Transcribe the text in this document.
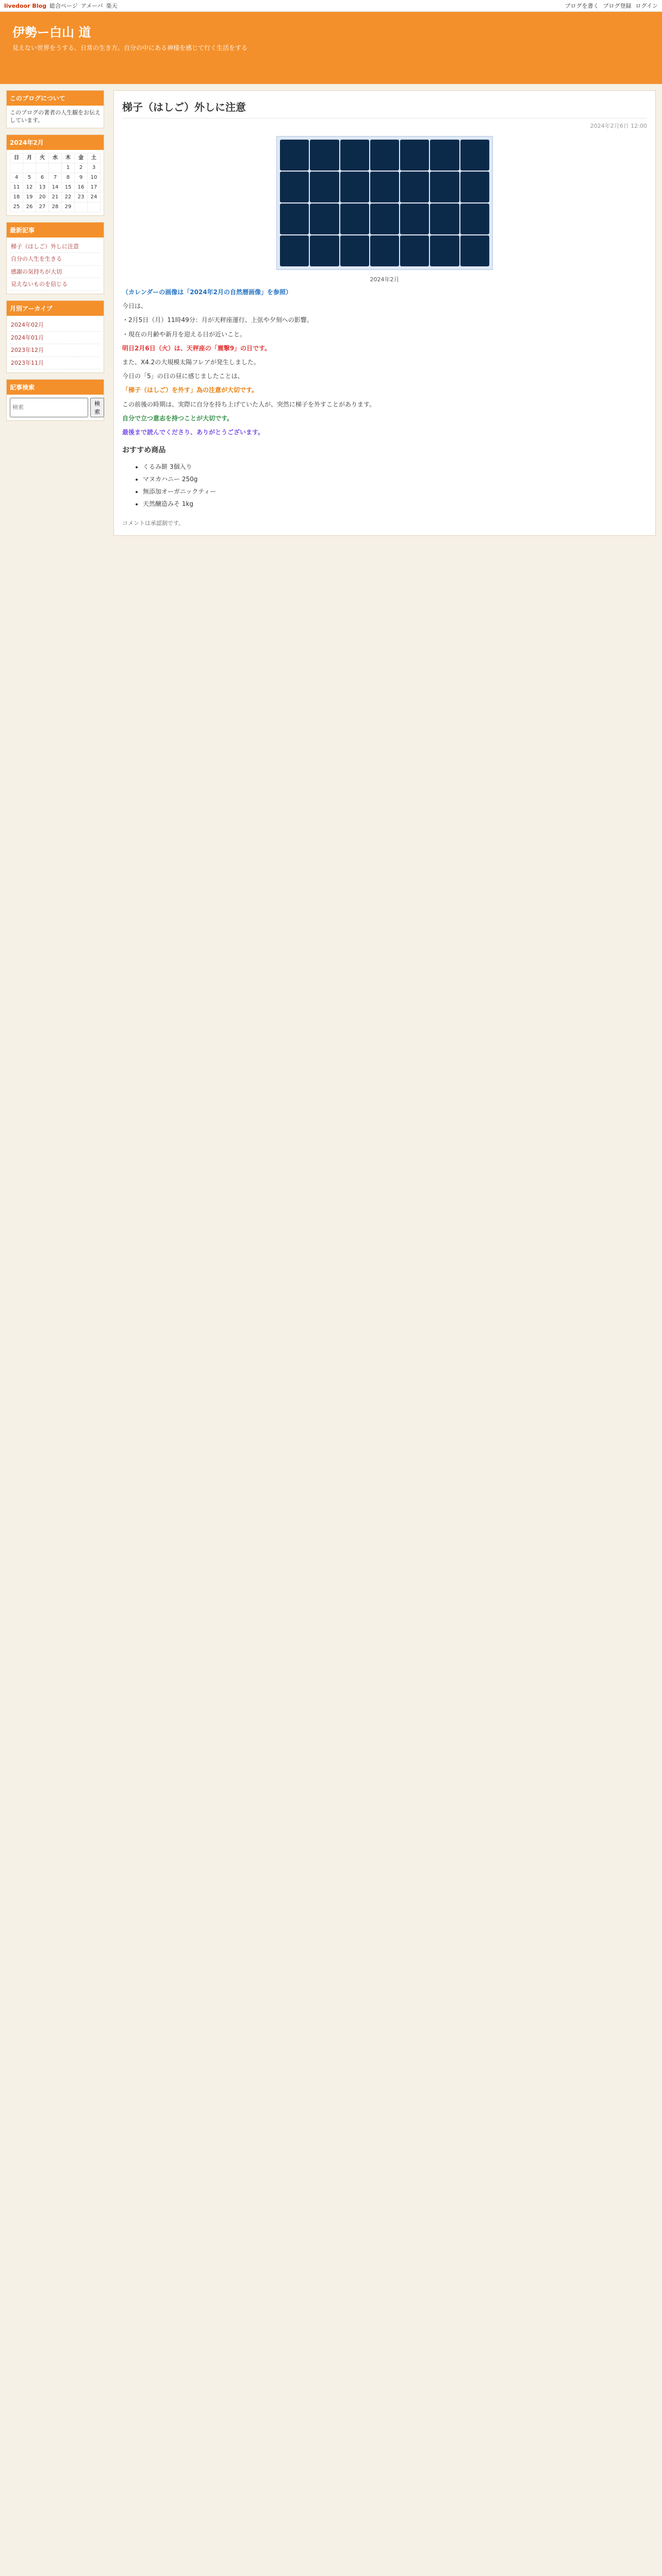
livedoor Blog 総合ページ アメーバ 楽天	ブログを書く ブログ登録 ログイン
伊勢ー白山 道
見えない世界をうする、日常の生き方。自分の中にある神様を感じて行く生活をする
このブログについて
このブログの著者の人生観をお伝えしています。
2024年2月
日	月	火	水	木	金	土
				1	2	3
4	5	6	7	8	9	10
11	12	13	14	15	16	17
18	19	20	21	22	23	24
25	26	27	28	29		
最新記事
梯子（はしご）外しに注意
自分の人生を生きる
感謝の気持ちが大切
見えないものを信じる
月別アーカイブ
2024年02月
2024年01月
2023年12月
2023年11月
記事検索
検索
検索
梯子（はしご）外しに注意
2024年2月6日 12:00
2024年2月

（カレンダーの画像は「2024年2月の自然暦画像」を参照）

今日は、

・2月5日（月）11時49分：月が天秤座運行、上弦や夕刻への影響。

・現在の月齢や新月を迎える日が近いこと。

明日2月6日（火）は、天秤座の「震撃9」の日です。

また、X4.2の大規模太陽フレアが発生しました。

今日の「5」の日の昼に感じましたことは、

「梯子（はしご）を外す」為の注意が大切です。

この前後の時期は、実際に自分を持ち上げていた人が、突然に梯子を外すことがあります。

自分で立つ意志を持つことが大切です。

最後まで読んでくださり、ありがとうございます。

おすすめ商品
• くるみ餅 3個入り
• マヌカハニー 250g
• 無添加オーガニックティー
• 天然醸造みそ 1kg
コメントは承認制です。
